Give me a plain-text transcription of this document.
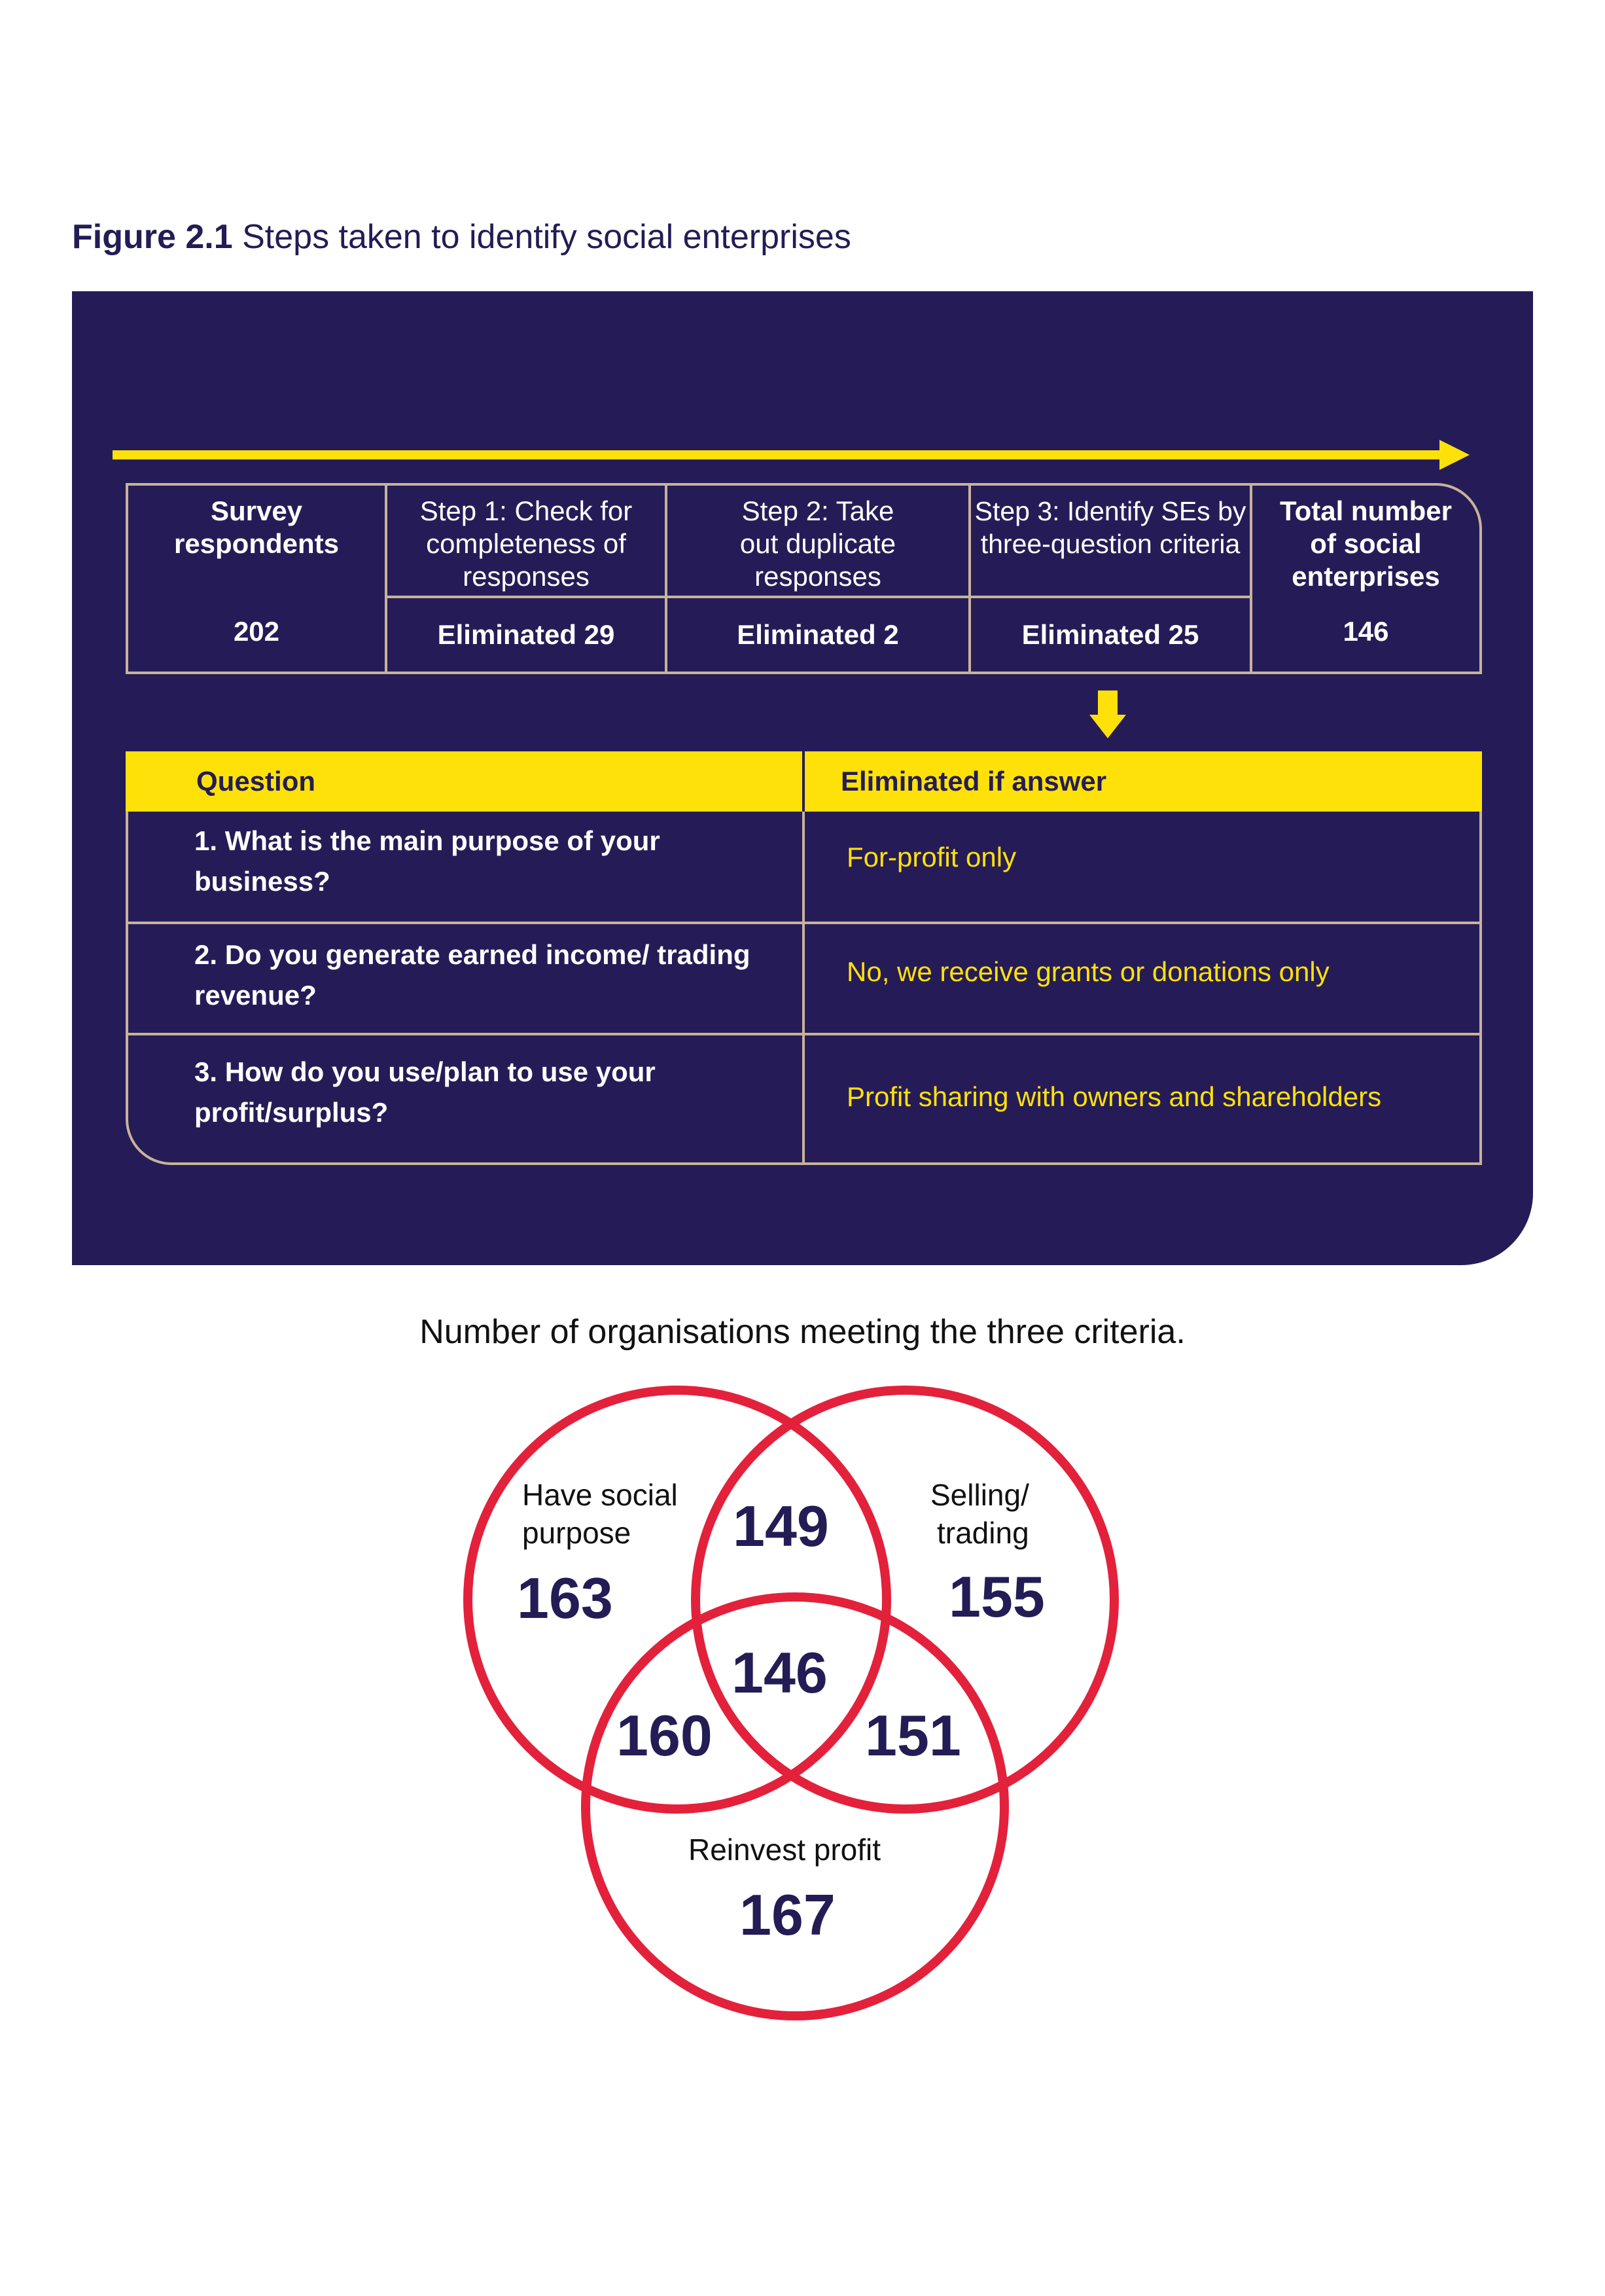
Figure 2.1 Steps taken to identify social enterprises
Survey respondents
202
Step 1: Check for completeness of responses
Eliminated 29
Step 2: Take out duplicate responses
Eliminated 2
Step 3: Identify SEs by three-question criteria
Eliminated 25
Total number of social enterprises
146
Question	Eliminated if answer
1. What is the main purpose of your business?
For-profit only
2. Do you generate earned income/ trading revenue?
No, we receive grants or donations only
3. How do you use/plan to use your profit/surplus?
Profit sharing with owners and shareholders
Number of organisations meeting the three criteria.
Have social
purpose
163
Selling/
trading
155
Reinvest profit
167
149
160	151
146
